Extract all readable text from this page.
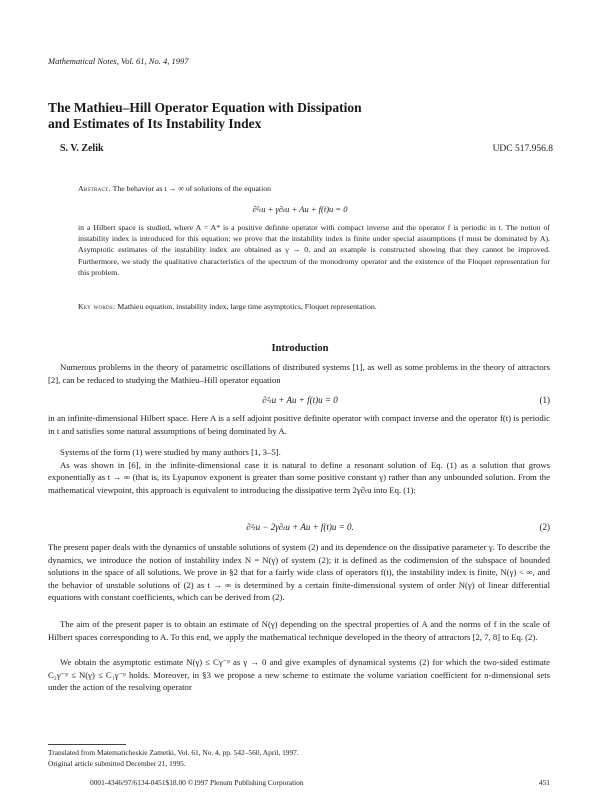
Mathematical Notes, Vol. 61, No. 4, 1997
The Mathieu–Hill Operator Equation with Dissipation
and Estimates of Its Instability Index
S. V. Zelik	UDC 517.956.8
Abstract. The behavior as t → ∞ of solutions of the equation
∂²ₜu + γ∂ₜu + Au + f(t)u = 0
in a Hilbert space is studied, where A = A* is a positive definite operator with compact inverse and the operator f is periodic in t. The notion of instability index is introduced for this equation; we prove that the instability index is finite under special assumptions (f must be dominated by A). Asymptotic estimates of the instability index are obtained as γ → 0, and an example is constructed showing that they cannot be improved. Furthermore, we study the qualitative characteristics of the spectrum of the monodromy operator and the existence of the Floquet representation for this problem.
Key words: Mathieu equation, instability index, large time asymptotics, Floquet representation.
Introduction
Numerous problems in the theory of parametric oscillations of distributed systems [1], as well as some problems in the theory of attractors [2], can be reduced to studying the Mathieu–Hill operator equation
∂²ₜu + Au + f(t)u = 0	(1)
in an infinite-dimensional Hilbert space. Here A is a self adjoint positive definite operator with compact inverse and the operator f(t) is periodic in t and satisfies some natural assumptions of being dominated by A.
Systems of the form (1) were studied by many authors [1, 3–5].
As was shown in [6], in the infinite-dimensional case it is natural to define a resonant solution of Eq. (1) as a solution that grows exponentially as t → ∞ (that is, its Lyapunov exponent is greater than some positive constant γ) rather than any unbounded solution. From the mathematical viewpoint, this approach is equivalent to introducing the dissipative term 2γ∂ₜu into Eq. (1):
∂²ₜu − 2γ∂ₜu + Au + f(t)u = 0.	(2)
The present paper deals with the dynamics of unstable solutions of system (2) and its dependence on the dissipative parameter γ. To describe the dynamics, we introduce the notion of instability index N = N(γ) of system (2); it is defined as the codimension of the subspace of bounded solutions in the space of all solutions. We prove in §2 that for a fairly wide class of operators f(t), the instability index is finite, N(γ) < ∞, and the behavior of unstable solutions of (2) as t → ∞ is determined by a certain finite-dimensional system of order N(γ) of linear differential equations with constant coefficients, which can be derived from (2).
The aim of the present paper is to obtain an estimate of N(γ) depending on the spectral properties of A and the norms of f in the scale of Hilbert spaces corresponding to A. To this end, we apply the mathematical technique developed in the theory of attractors [2, 7, 8] to Eq. (2).
We obtain the asymptotic estimate N(γ) ≤ Cγ⁻ᵖ as γ → 0 and give examples of dynamical systems (2) for which the two-sided estimate C₂γ⁻ᵖ ≤ N(γ) ≤ C₁γ⁻ᵖ holds. Moreover, in §3 we propose a new scheme to estimate the volume variation coefficient for n-dimensional sets under the action of the resolving operator
Translated from Matematicheskie Zametki, Vol. 61, No. 4, pp. 542–560, April, 1997.
Original article submitted December 21, 1995.
0001-4346/97/6134-0451$18.00 ©1997 Plenum Publishing Corporation	451
